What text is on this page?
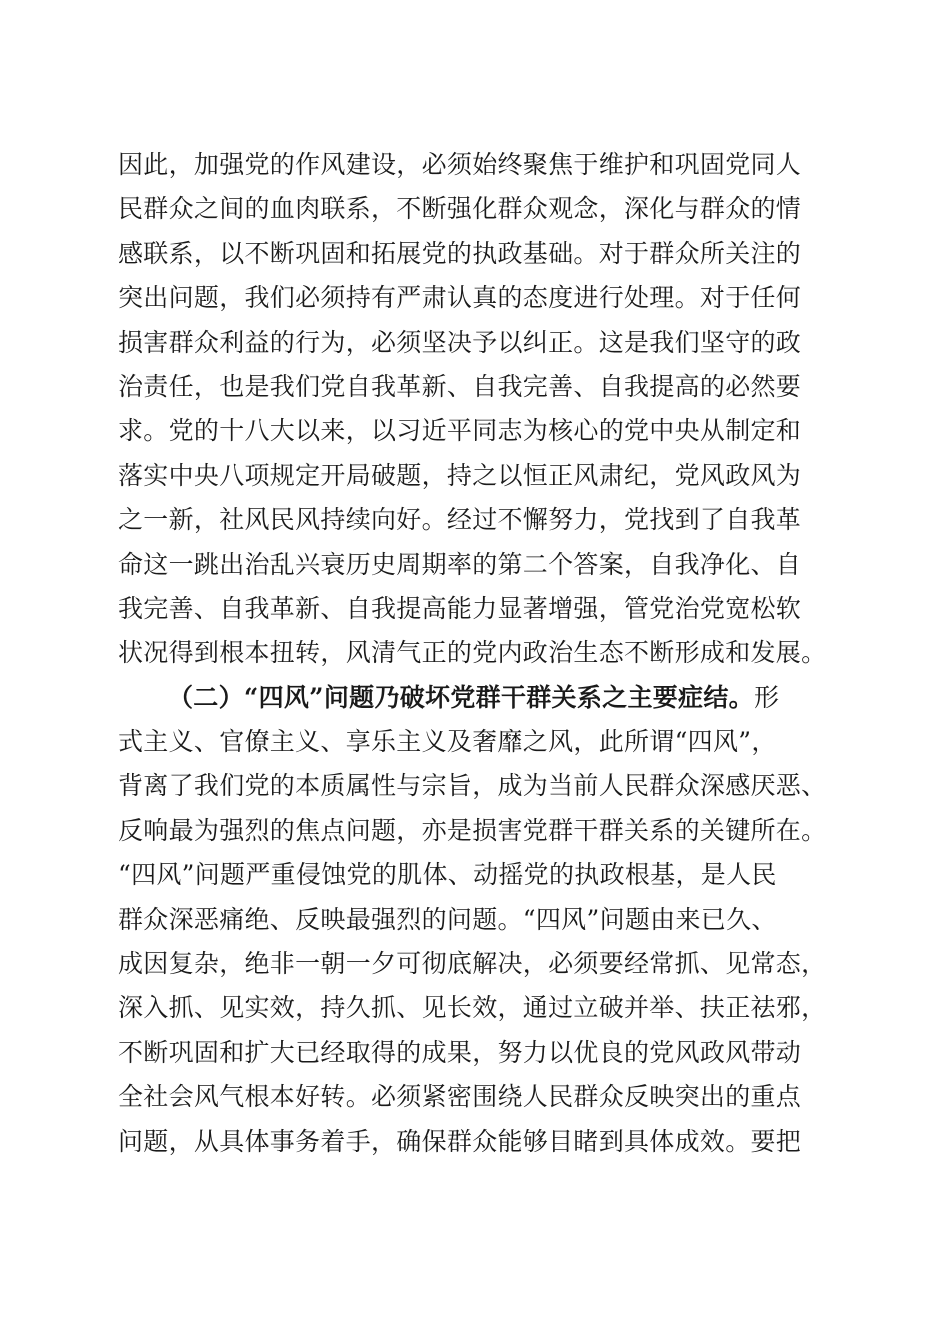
因此，加强党的作风建设，必须始终聚焦于维护和巩固党同人
民群众之间的血肉联系，不断强化群众观念，深化与群众的情
感联系，以不断巩固和拓展党的执政基础。对于群众所关注的
突出问题，我们必须持有严肃认真的态度进行处理。对于任何
损害群众利益的行为，必须坚决予以纠正。这是我们坚守的政
治责任，也是我们党自我革新、自我完善、自我提高的必然要
求。党的十八大以来，以习近平同志为核心的党中央从制定和
落实中央八项规定开局破题，持之以恒正风肃纪，党风政风为
之一新，社风民风持续向好。经过不懈努力，党找到了自我革
命这一跳出治乱兴衰历史周期率的第二个答案，自我净化、自
我完善、自我革新、自我提高能力显著增强，管党治党宽松软
状况得到根本扭转，风清气正的党内政治生态不断形成和发展。
（二）“四风”问题乃破坏党群干群关系之主要症结。形
式主义、官僚主义、享乐主义及奢靡之风，此所谓“四风”，
背离了我们党的本质属性与宗旨，成为当前人民群众深感厌恶、
反响最为强烈的焦点问题，亦是损害党群干群关系的关键所在。
“四风”问题严重侵蚀党的肌体、动摇党的执政根基，是人民
群众深恶痛绝、反映最强烈的问题。“四风”问题由来已久、
成因复杂，绝非一朝一夕可彻底解决，必须要经常抓、见常态，
深入抓、见实效，持久抓、见长效，通过立破并举、扶正祛邪，
不断巩固和扩大已经取得的成果，努力以优良的党风政风带动
全社会风气根本好转。必须紧密围绕人民群众反映突出的重点
问题，从具体事务着手，确保群众能够目睹到具体成效。要把
